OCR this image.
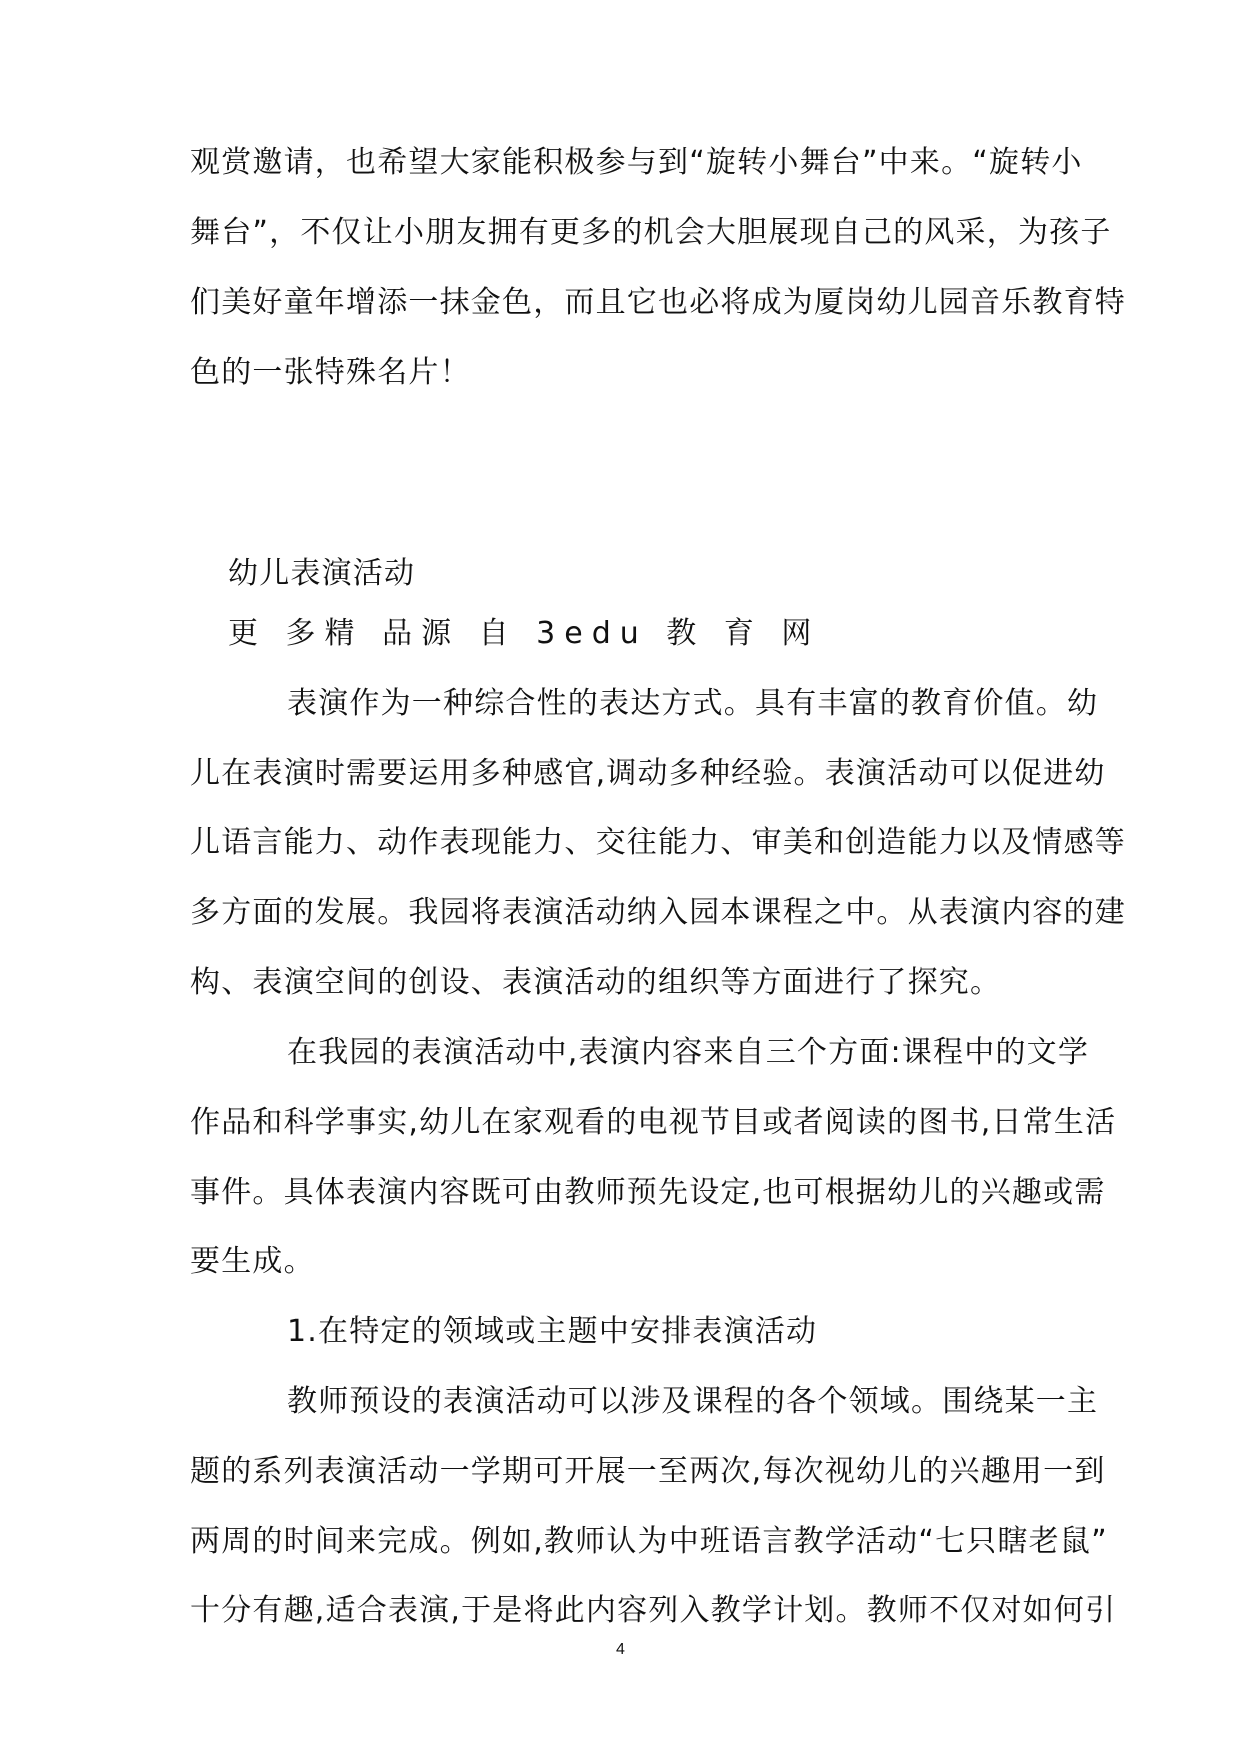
观赏邀请，也希望大家能积极参与到“旋转小舞台”中来。“旋转小
舞台”，不仅让小朋友拥有更多的机会大胆展现自己的风采，为孩子
们美好童年增添一抹金色，而且它也必将成为厦岗幼儿园音乐教育特
色的一张特殊名片！
幼儿表演活动
更 多精 品源 自 3edu 教 育 网
表演作为一种综合性的表达方式。具有丰富的教育价值。幼
儿在表演时需要运用多种感官,调动多种经验。表演活动可以促进幼
儿语言能力、动作表现能力、交往能力、审美和创造能力以及情感等
多方面的发展。我园将表演活动纳入园本课程之中。从表演内容的建
构、表演空间的创设、表演活动的组织等方面进行了探究。
在我园的表演活动中,表演内容来自三个方面:课程中的文学
作品和科学事实,幼儿在家观看的电视节目或者阅读的图书,日常生活
事件。具体表演内容既可由教师预先设定,也可根据幼儿的兴趣或需
要生成。
1.在特定的领域或主题中安排表演活动
教师预设的表演活动可以涉及课程的各个领域。围绕某一主
题的系列表演活动一学期可开展一至两次,每次视幼儿的兴趣用一到
两周的时间来完成。例如,教师认为中班语言教学活动“七只瞎老鼠”
十分有趣,适合表演,于是将此内容列入教学计划。教师不仅对如何引
4
